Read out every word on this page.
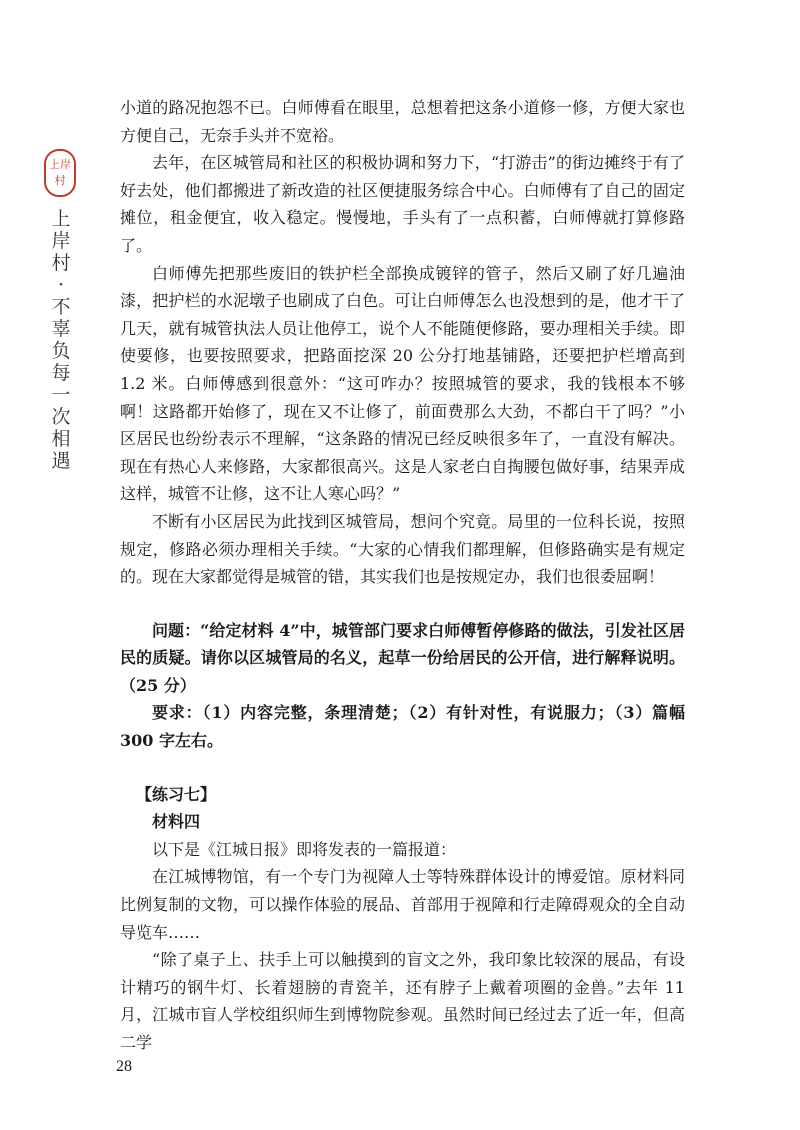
上岸
村
上岸村 · 不辜负每一次相遇

小道的路况抱怨不已。白师傅看在眼里，总想着把这条小道修一修，方便大家也方便自己，无奈手头并不宽裕。

去年，在区城管局和社区的积极协调和努力下，“打游击”的街边摊终于有了好去处，他们都搬进了新改造的社区便捷服务综合中心。白师傅有了自己的固定摊位，租金便宜，收入稳定。慢慢地，手头有了一点积蓄，白师傅就打算修路了。

白师傅先把那些废旧的铁护栏全部换成镀锌的管子，然后又刷了好几遍油漆，把护栏的水泥墩子也刷成了白色。可让白师傅怎么也没想到的是，他才干了几天，就有城管执法人员让他停工，说个人不能随便修路，要办理相关手续。即使要修，也要按照要求，把路面挖深 20 公分打地基铺路，还要把护栏增高到 1.2 米。白师傅感到很意外：“这可咋办？按照城管的要求，我的钱根本不够啊！这路都开始修了，现在又不让修了，前面费那么大劲，不都白干了吗？”小区居民也纷纷表示不理解，“这条路的情况已经反映很多年了，一直没有解决。现在有热心人来修路，大家都很高兴。这是人家老白自掏腰包做好事，结果弄成这样，城管不让修，这不让人寒心吗？”

不断有小区居民为此找到区城管局，想问个究竟。局里的一位科长说，按照规定，修路必须办理相关手续。“大家的心情我们都理解，但修路确实是有规定的。现在大家都觉得是城管的错，其实我们也是按规定办，我们也很委屈啊！

问题：“给定材料 4”中，城管部门要求白师傅暂停修路的做法，引发社区居民的质疑。请你以区城管局的名义，起草一份给居民的公开信，进行解释说明。（25 分）

要求：（1）内容完整，条理清楚；（2）有针对性，有说服力；（3）篇幅 300 字左右。

【练习七】

材料四

以下是《江城日报》即将发表的一篇报道：

在江城博物馆，有一个专门为视障人士等特殊群体设计的博爱馆。原材料同比例复制的文物，可以操作体验的展品、首部用于视障和行走障碍观众的全自动导览车……

“除了桌子上、扶手上可以触摸到的盲文之外，我印象比较深的展品，有设计精巧的钢牛灯、长着翅膀的青瓷羊，还有脖子上戴着项圈的金兽。”去年 11 月，江城市盲人学校组织师生到博物院参观。虽然时间已经过去了近一年，但高二学

28
